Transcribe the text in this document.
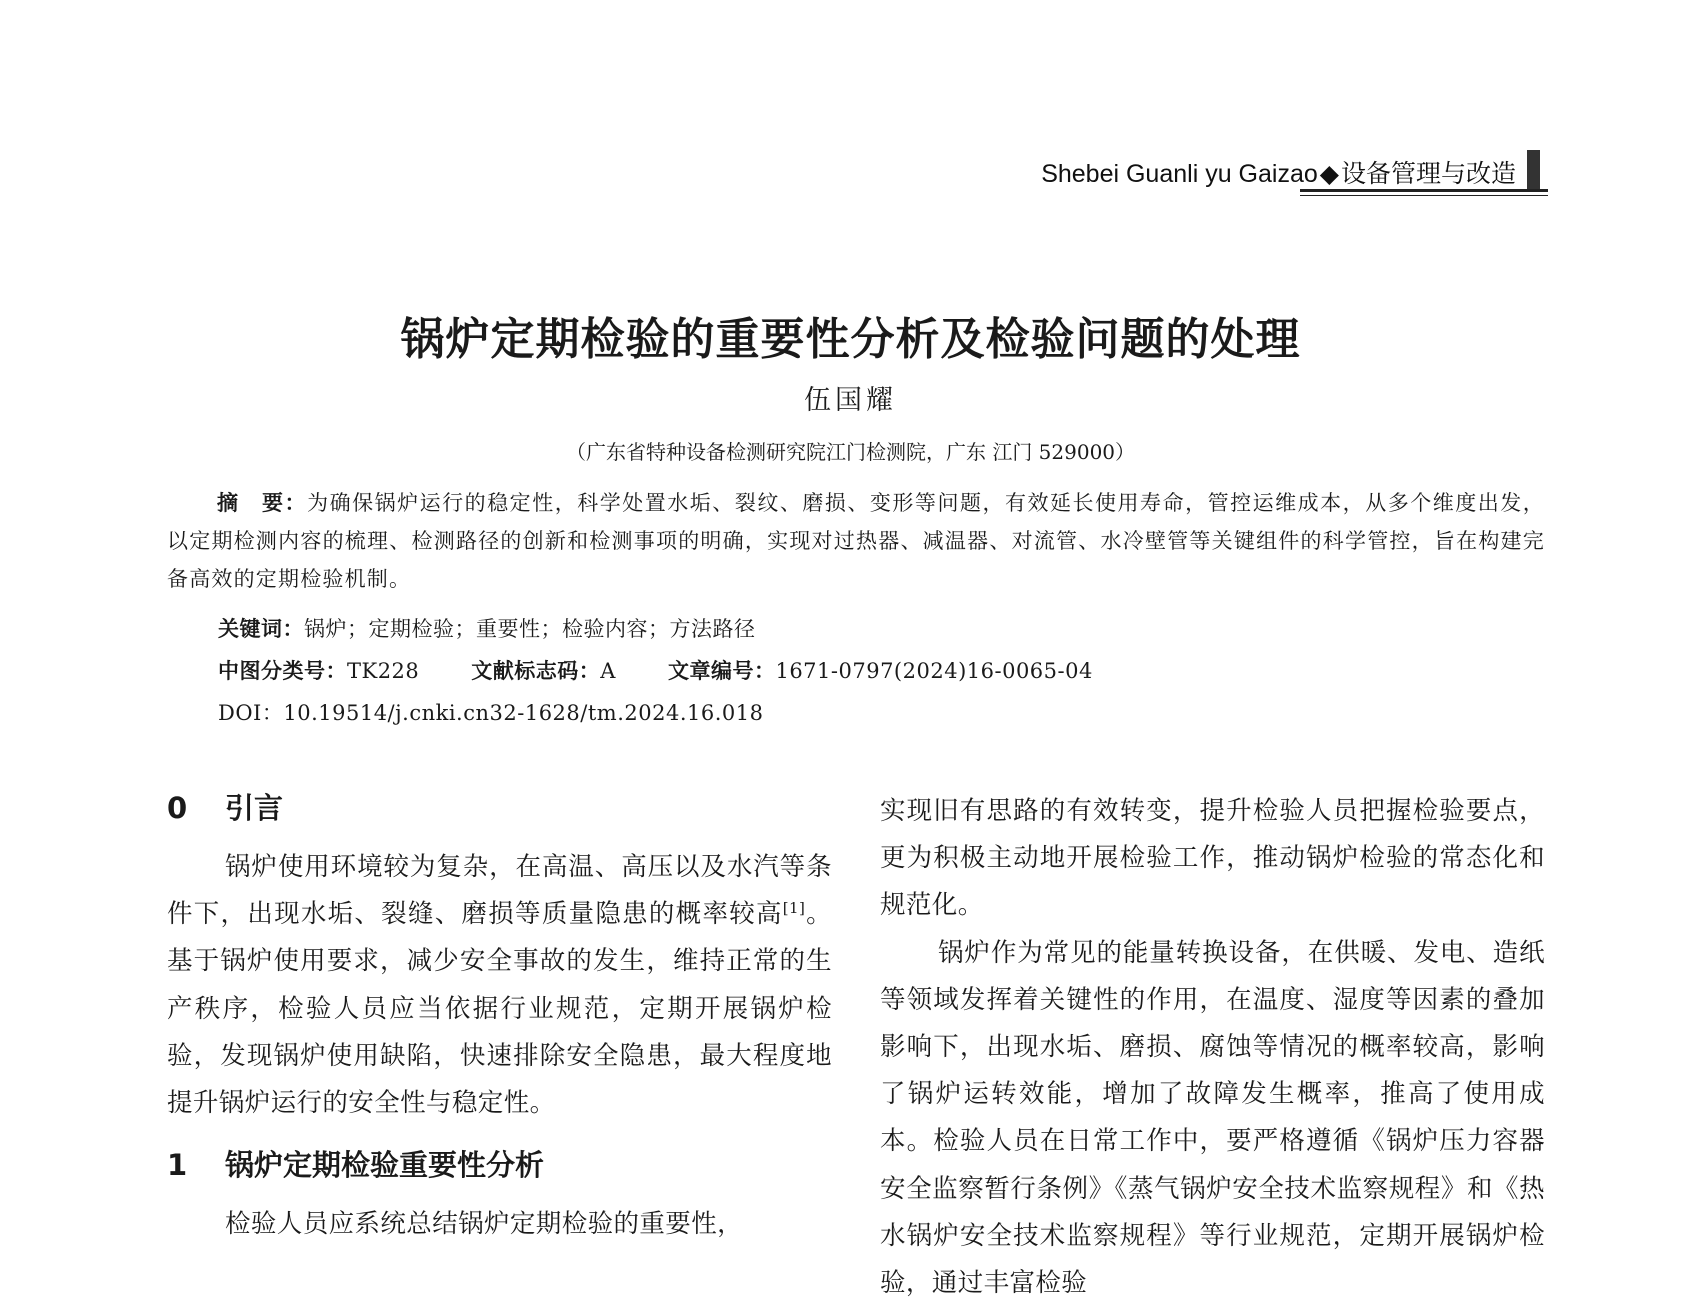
Shebei Guanli yu Gaizao◆设备管理与改造
锅炉定期检验的重要性分析及检验问题的处理
伍国耀
（广东省特种设备检测研究院江门检测院，广东 江门 529000）

摘　要：为确保锅炉运行的稳定性，科学处置水垢、裂纹、磨损、变形等问题，有效延长使用寿命，管控运维成本，从多个维度出发，以定期检测内容的梳理、检测路径的创新和检测事项的明确，实现对过热器、减温器、对流管、水冷壁管等关键组件的科学管控，旨在构建完备高效的定期检验机制。

关键词：锅炉；定期检验；重要性；检验内容；方法路径
中图分类号：TK228 文献标志码：A 文章编号：1671-0797(2024)16-0065-04
DOI：10.19514/j.cnki.cn32-1628/tm.2024.16.018
0 引言

锅炉使用环境较为复杂，在高温、高压以及水汽等条件下，出现水垢、裂缝、磨损等质量隐患的概率较高[1]。基于锅炉使用要求，减少安全事故的发生，维持正常的生产秩序，检验人员应当依据行业规范，定期开展锅炉检验，发现锅炉使用缺陷，快速排除安全隐患，最大程度地提升锅炉运行的安全性与稳定性。

1 锅炉定期检验重要性分析

检验人员应系统总结锅炉定期检验的重要性，

实现旧有思路的有效转变，提升检验人员把握检验要点，更为积极主动地开展检验工作，推动锅炉检验的常态化和规范化。

锅炉作为常见的能量转换设备，在供暖、发电、造纸等领域发挥着关键性的作用，在温度、湿度等因素的叠加影响下，出现水垢、磨损、腐蚀等情况的概率较高，影响了锅炉运转效能，增加了故障发生概率，推高了使用成本。检验人员在日常工作中，要严格遵循《锅炉压力容器安全监察暂行条例》《蒸气锅炉安全技术监察规程》和《热水锅炉安全技术监察规程》等行业规范，定期开展锅炉检验，通过丰富检验
